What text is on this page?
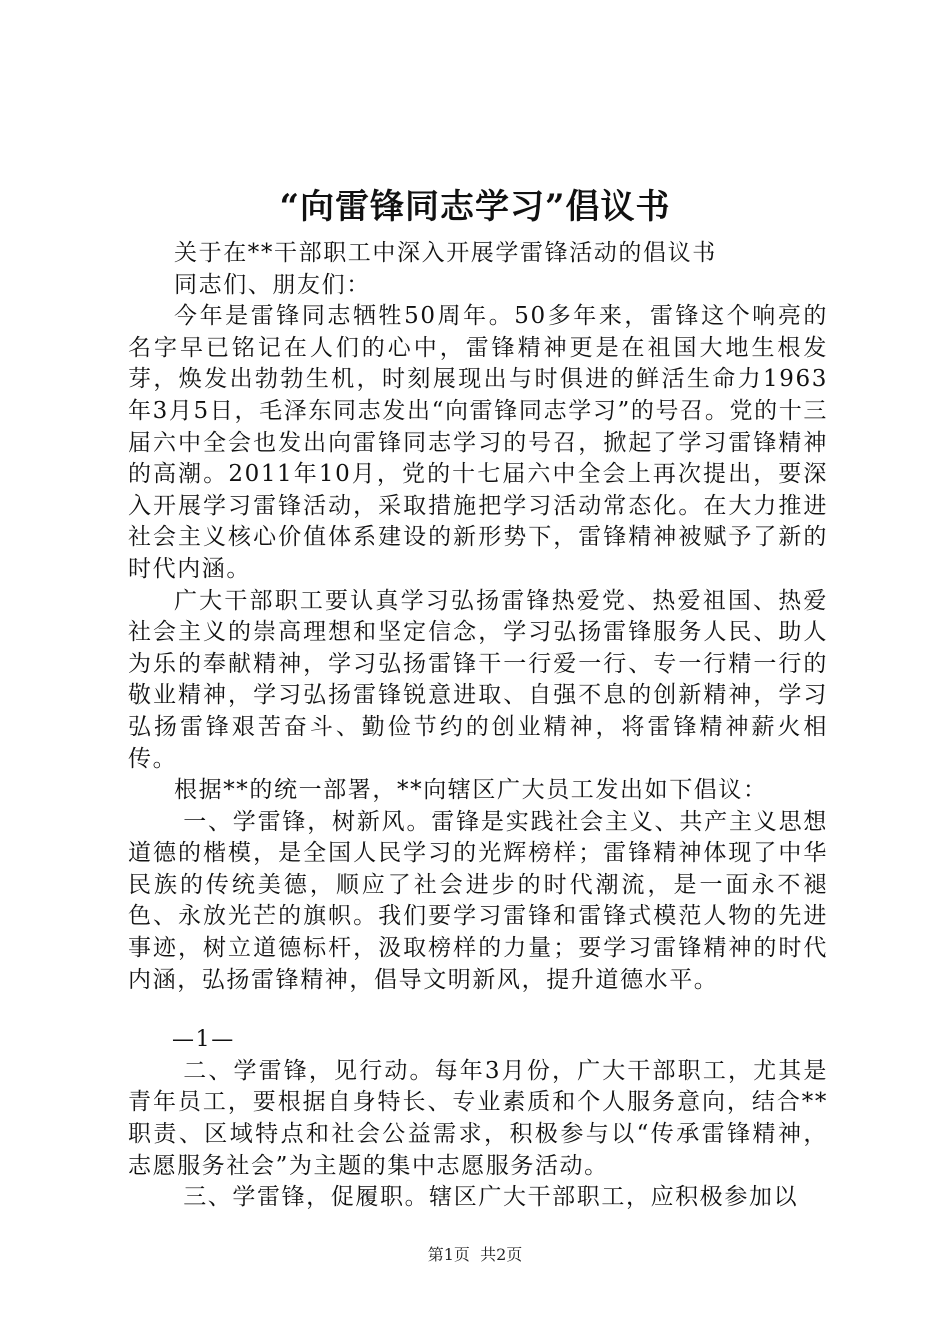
“向雷锋同志学习”倡议书

关于在**干部职工中深入开展学雷锋活动的倡议书

同志们、朋友们：

今年是雷锋同志牺牲50周年。50多年来，雷锋这个响亮的名字早已铭记在人们的心中，雷锋精神更是在祖国大地生根发芽，焕发出勃勃生机，时刻展现出与时俱进的鲜活生命力1963年3月5日，毛泽东同志发出“向雷锋同志学习”的号召。党的十三届六中全会也发出向雷锋同志学习的号召，掀起了学习雷锋精神的高潮。2011年10月，党的十七届六中全会上再次提出，要深入开展学习雷锋活动，采取措施把学习活动常态化。在大力推进社会主义核心价值体系建设的新形势下，雷锋精神被赋予了新的时代内涵。

广大干部职工要认真学习弘扬雷锋热爱党、热爱祖国、热爱社会主义的崇高理想和坚定信念，学习弘扬雷锋服务人民、助人为乐的奉献精神，学习弘扬雷锋干一行爱一行、专一行精一行的敬业精神，学习弘扬雷锋锐意进取、自强不息的创新精神，学习弘扬雷锋艰苦奋斗、勤俭节约的创业精神，将雷锋精神薪火相传。

根据**的统一部署，**向辖区广大员工发出如下倡议：

一、学雷锋，树新风。雷锋是实践社会主义、共产主义思想道德的楷模，是全国人民学习的光辉榜样；雷锋精神体现了中华民族的传统美德，顺应了社会进步的时代潮流，是一面永不褪色、永放光芒的旗帜。我们要学习雷锋和雷锋式模范人物的先进事迹，树立道德标杆，汲取榜样的力量；要学习雷锋精神的时代内涵，弘扬雷锋精神，倡导文明新风，提升道德水平。

—1—

二、学雷锋，见行动。每年3月份，广大干部职工，尤其是青年员工，要根据自身特长、专业素质和个人服务意向，结合**职责、区域特点和社会公益需求，积极参与以“传承雷锋精神，志愿服务社会”为主题的集中志愿服务活动。

三、学雷锋，促履职。辖区广大干部职工，应积极参加以

第1页  共2页
